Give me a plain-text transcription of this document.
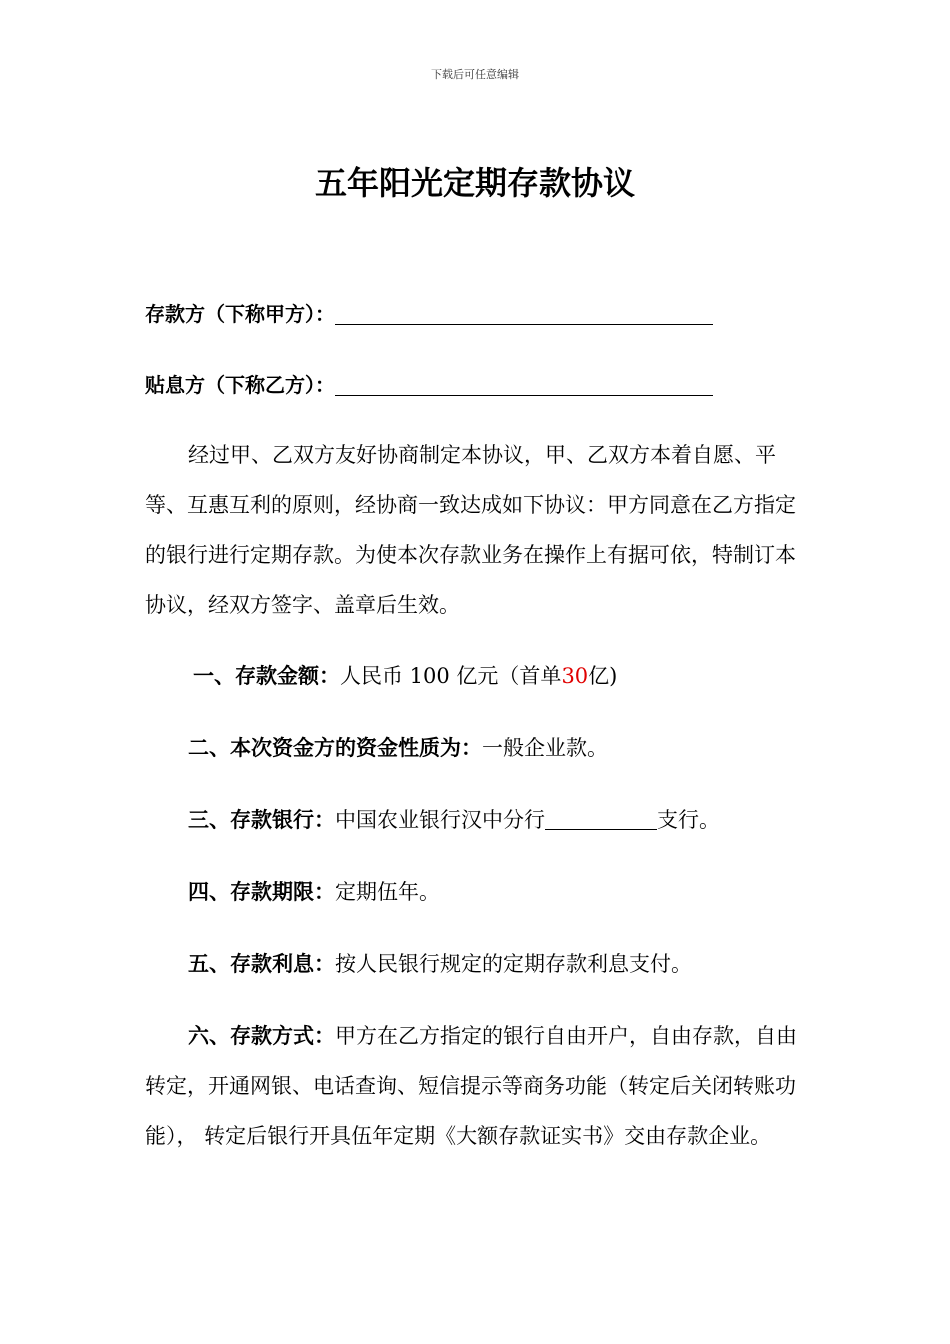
下载后可任意编辑
五年阳光定期存款协议
存款方（下称甲方）：
贴息方（下称乙方）：
经过甲、乙双方友好协商制定本协议，甲、乙双方本着自愿、平等、互惠互利的原则，经协商一致达成如下协议：甲方同意在乙方指定的银行进行定期存款。为使本次存款业务在操作上有据可依，特制订本协议，经双方签字、盖章后生效。
一、存款金额：人民币 100 亿元（首单30亿)
二、本次资金方的资金性质为：一般企业款。
三、存款银行：中国农业银行汉中分行	支行。
四、存款期限：定期伍年。
五、存款利息：按人民银行规定的定期存款利息支付。
六、存款方式：甲方在乙方指定的银行自由开户，自由存款，自由转定，开通网银、电话查询、短信提示等商务功能（转定后关闭转账功能）， 转定后银行开具伍年定期《大额存款证实书》交由存款企业。
